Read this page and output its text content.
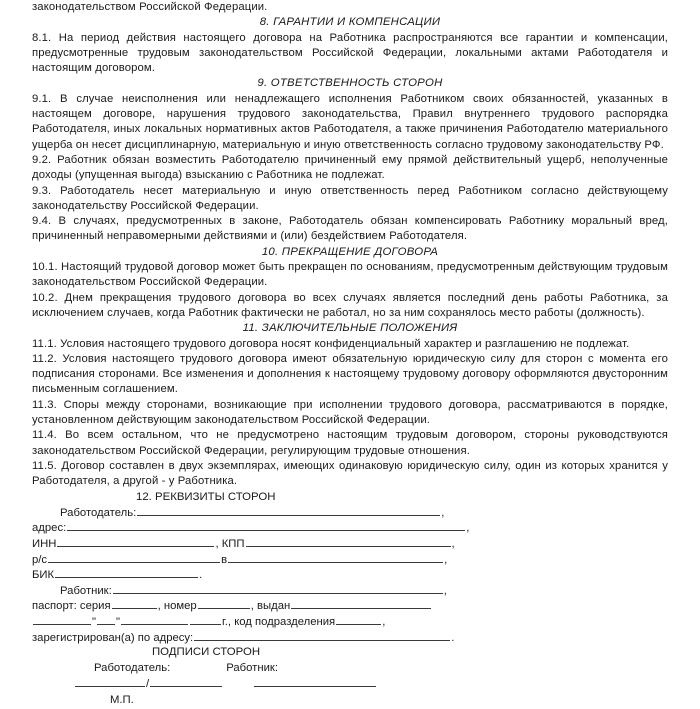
законодательством Российской Федерации.

8. ГАРАНТИИ И КОМПЕНСАЦИИ

8.1. На период действия настоящего договора на Работника распространяются все гарантии и компенсации, предусмотренные трудовым законодательством Российской Федерации, локальными актами Работодателя и настоящим договором.

9. ОТВЕТСТВЕННОСТЬ СТОРОН

9.1. В случае неисполнения или ненадлежащего исполнения Работником своих обязанностей, указанных в настоящем договоре, нарушения трудового законодательства, Правил внутреннего трудового распорядка Работодателя, иных локальных нормативных актов Работодателя, а также причинения Работодателю материального ущерба он несет дисциплинарную, материальную и иную ответственность согласно трудовому законодательству РФ.

9.2. Работник обязан возместить Работодателю причиненный ему прямой действительный ущерб, неполученные доходы (упущенная выгода) взысканию с Работника не подлежат.

9.3. Работодатель несет материальную и иную ответственность перед Работником согласно действующему законодательству Российской Федерации.

9.4. В случаях, предусмотренных в законе, Работодатель обязан компенсировать Работнику моральный вред, причиненный неправомерными действиями и (или) бездействием Работодателя.

10. ПРЕКРАЩЕНИЕ ДОГОВОРА

10.1. Настоящий трудовой договор может быть прекращен по основаниям, предусмотренным действующим трудовым законодательством Российской Федерации.

10.2. Днем прекращения трудового договора во всех случаях является последний день работы Работника, за исключением случаев, когда Работник фактически не работал, но за ним сохранялось место работы (должность).

11. ЗАКЛЮЧИТЕЛЬНЫЕ ПОЛОЖЕНИЯ

11.1. Условия настоящего трудового договора носят конфиденциальный характер и разглашению не подлежат.

11.2. Условия настоящего трудового договора имеют обязательную юридическую силу для сторон с момента его подписания сторонами. Все изменения и дополнения к настоящему трудовому договору оформляются двусторонним письменным соглашением.

11.3. Споры между сторонами, возникающие при исполнении трудового договора, рассматриваются в порядке, установленном действующим законодательством Российской Федерации.

11.4. Во всем остальном, что не предусмотрено настоящим трудовым договором, стороны руководствуются законодательством Российской Федерации, регулирующим трудовые отношения.

11.5. Договор составлен в двух экземплярах, имеющих одинаковую юридическую силу, один из которых хранится у Работодателя, а другой - у Работника.

12. РЕКВИЗИТЫ СТОРОН
Работодатель:	,
адрес:	,
ИНН	, КПП	,
р/с	в	,
БИК	.
Работник:	,
паспорт: серия	, номер	, выдан
" "	г., код подразделения	,
зарегистрирован(а) по адресу:	.
ПОДПИСИ СТОРОН
Работодатель:	Работник:
/
М.П.
